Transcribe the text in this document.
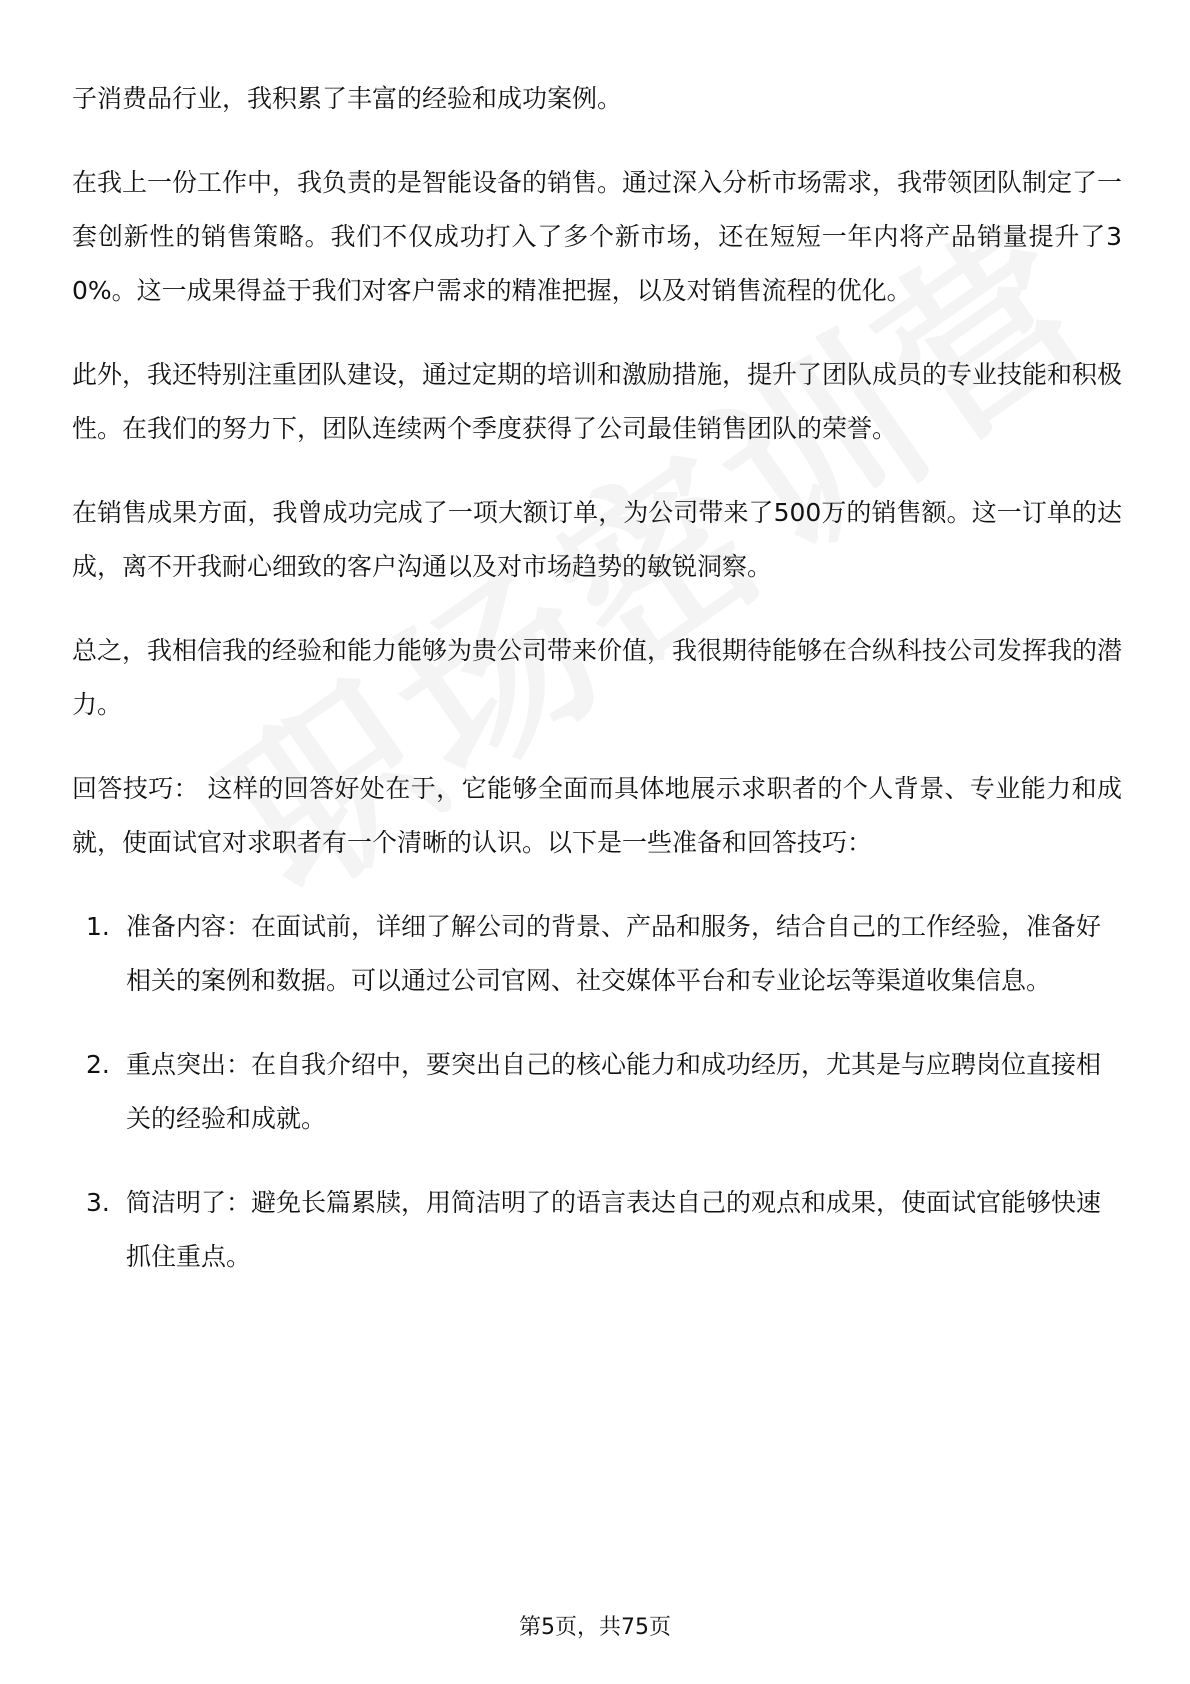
子消费品行业，我积累了丰富的经验和成功案例。

在我上一份工作中，我负责的是智能设备的销售。通过深入分析市场需求，我带领团队制定了一套创新性的销售策略。我们不仅成功打入了多个新市场，还在短短一年内将产品销量提升了30%。这一成果得益于我们对客户需求的精准把握，以及对销售流程的优化。

此外，我还特别注重团队建设，通过定期的培训和激励措施，提升了团队成员的专业技能和积极性。在我们的努力下，团队连续两个季度获得了公司最佳销售团队的荣誉。

在销售成果方面，我曾成功完成了一项大额订单，为公司带来了500万的销售额。这一订单的达成，离不开我耐心细致的客户沟通以及对市场趋势的敏锐洞察。

总之，我相信我的经验和能力能够为贵公司带来价值，我很期待能够在合纵科技公司发挥我的潜力。

回答技巧： 这样的回答好处在于，它能够全面而具体地展示求职者的个人背景、专业能力和成就，使面试官对求职者有一个清晰的认识。以下是一些准备和回答技巧：

1. 准备内容：在面试前，详细了解公司的背景、产品和服务，结合自己的工作经验，准备好相关的案例和数据。可以通过公司官网、社交媒体平台和专业论坛等渠道收集信息。
2. 重点突出：在自我介绍中，要突出自己的核心能力和成功经历，尤其是与应聘岗位直接相关的经验和成就。
3. 简洁明了：避免长篇累牍，用简洁明了的语言表达自己的观点和成果，使面试官能够快速抓住重点。
第5页，共75页
